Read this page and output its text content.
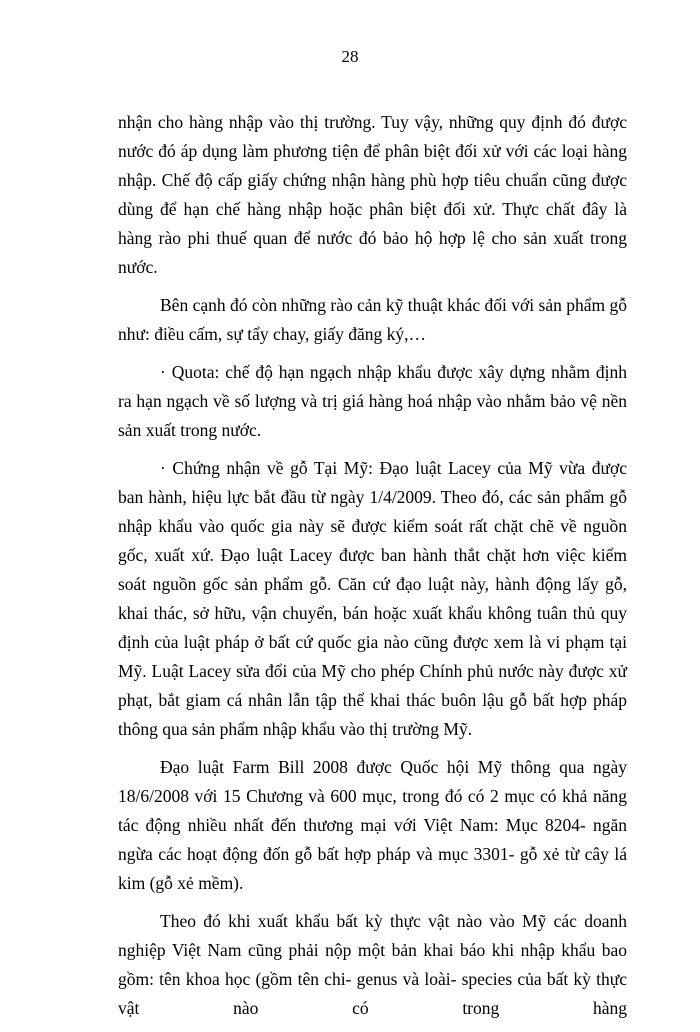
28

nhận cho hàng nhập vào thị trường. Tuy vậy, những quy định đó được nước đó áp dụng làm phương tiện để phân biệt đối xử với các loại hàng nhập. Chế độ cấp giấy chứng nhận hàng phù hợp tiêu chuẩn cũng được dùng để hạn chế hàng nhập hoặc phân biệt đối xử. Thực chất đây là hàng rào phi thuế quan để nước đó bảo hộ hợp lệ cho sản xuất trong nước.

Bên cạnh đó còn những rào cản kỹ thuật khác đối với sản phẩm gỗ như: điều cấm, sự tẩy chay, giấy đăng ký,…

· Quota: chế độ hạn ngạch nhập khẩu được xây dựng nhằm định ra hạn ngạch về số lượng và trị giá hàng hoá nhập vào nhằm bảo vệ nền sản xuất trong nước.

· Chứng nhận về gỗ Tại Mỹ: Đạo luật Lacey của Mỹ vừa được ban hành, hiệu lực bắt đầu từ ngày 1/4/2009. Theo đó, các sản phẩm gỗ nhập khẩu vào quốc gia này sẽ được kiểm soát rất chặt chẽ về nguồn gốc, xuất xứ. Đạo luật Lacey được ban hành thắt chặt hơn việc kiểm soát nguồn gốc sản phẩm gỗ. Căn cứ đạo luật này, hành động lấy gỗ, khai thác, sở hữu, vận chuyển, bán hoặc xuất khẩu không tuân thủ quy định của luật pháp ở bất cứ quốc gia nào cũng được xem là vi phạm tại Mỹ. Luật Lacey sửa đổi của Mỹ cho phép Chính phủ nước này được xử phạt, bắt giam cá nhân lẫn tập thể khai thác buôn lậu gỗ bất hợp pháp thông qua sản phẩm nhập khẩu vào thị trường Mỹ.

Đạo luật Farm Bill 2008 được Quốc hội Mỹ thông qua ngày 18/6/2008 với 15 Chương và 600 mục, trong đó có 2 mục có khả năng tác động nhiều nhất đến thương mại với Việt Nam: Mục 8204- ngăn ngừa các hoạt động đốn gỗ bất hợp pháp và mục 3301- gỗ xẻ từ cây lá kim (gỗ xẻ mềm).

Theo đó khi xuất khẩu bất kỳ thực vật nào vào Mỹ các doanh nghiệp Việt Nam cũng phải nộp một bản khai báo khi nhập khẩu bao gồm: tên khoa học (gồm tên chi- genus và loài- species của bất kỳ thực vật nào có trong hàng
